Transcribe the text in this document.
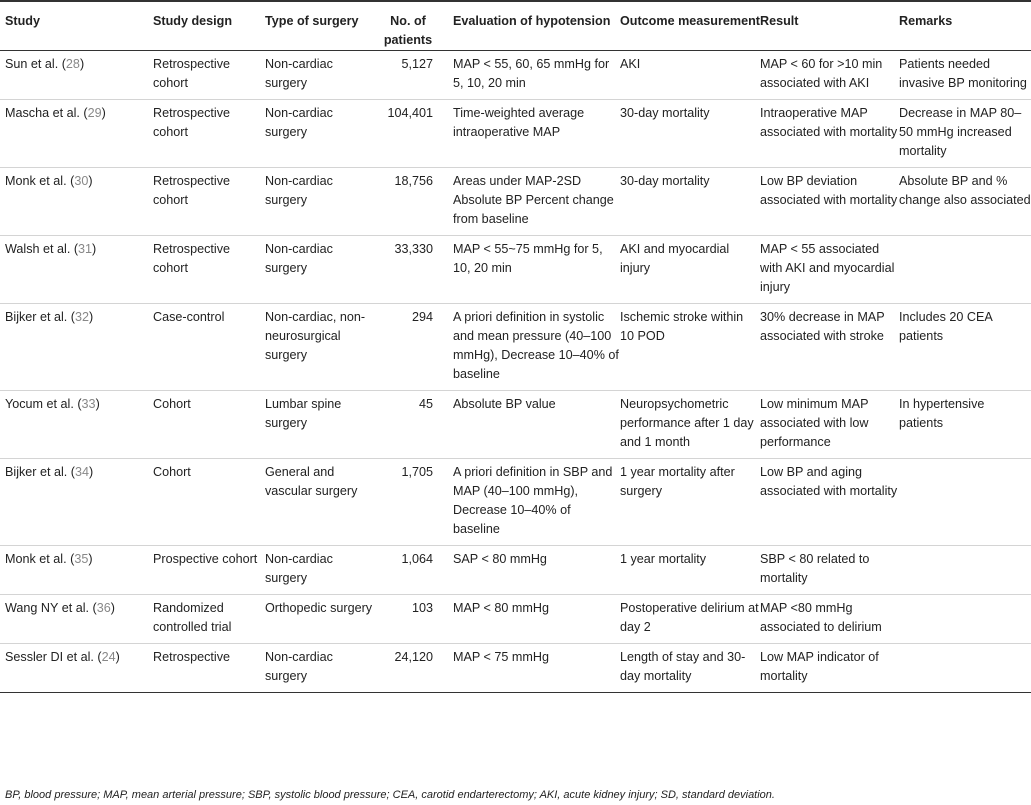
Study	Study design	Type of surgery	No. of patients	Evaluation of hypotension	Outcome measurement	Result	Remarks
Sun et al. (28)	Retrospective cohort	Non-cardiac surgery	5,127	MAP < 55, 60, 65 mmHg for 5, 10, 20 min	AKI	MAP < 60 for >10 min associated with AKI	Patients needed invasive BP monitoring
Mascha et al. (29)	Retrospective cohort	Non-cardiac surgery	104,401	Time-weighted average intraoperative MAP	30-day mortality	Intraoperative MAP associated with mortality	Decrease in MAP 80–50 mmHg increased mortality
Monk et al. (30)	Retrospective cohort	Non-cardiac surgery	18,756	Areas under MAP-2SD Absolute BP Percent change from baseline	30-day mortality	Low BP deviation associated with mortality	Absolute BP and % change also associated
Walsh et al. (31)	Retrospective cohort	Non-cardiac surgery	33,330	MAP < 55~75 mmHg for 5, 10, 20 min	AKI and myocardial injury	MAP < 55 associated with AKI and myocardial injury	
Bijker et al. (32)	Case-control	Non-cardiac, non-neurosurgical surgery	294	A priori definition in systolic and mean pressure (40–100 mmHg), Decrease 10–40% of baseline	Ischemic stroke within 10 POD	30% decrease in MAP associated with stroke	Includes 20 CEA patients
Yocum et al. (33)	Cohort	Lumbar spine surgery	45	Absolute BP value	Neuropsychometric performance after 1 day and 1 month	Low minimum MAP associated with low performance	In hypertensive patients
Bijker et al. (34)	Cohort	General and vascular surgery	1,705	A priori definition in SBP and MAP (40–100 mmHg), Decrease 10–40% of baseline	1 year mortality after surgery	Low BP and aging associated with mortality	
Monk et al. (35)	Prospective cohort	Non-cardiac surgery	1,064	SAP < 80 mmHg	1 year mortality	SBP < 80 related to mortality	
Wang NY et al. (36)	Randomized controlled trial	Orthopedic surgery	103	MAP < 80 mmHg	Postoperative delirium at day 2	MAP <80 mmHg associated to delirium	
Sessler DI et al. (24)	Retrospective	Non-cardiac surgery	24,120	MAP < 75 mmHg	Length of stay and 30-day mortality	Low MAP indicator of mortality	
BP, blood pressure; MAP, mean arterial pressure; SBP, systolic blood pressure; CEA, carotid endarterectomy; AKI, acute kidney injury; SD, standard deviation.
